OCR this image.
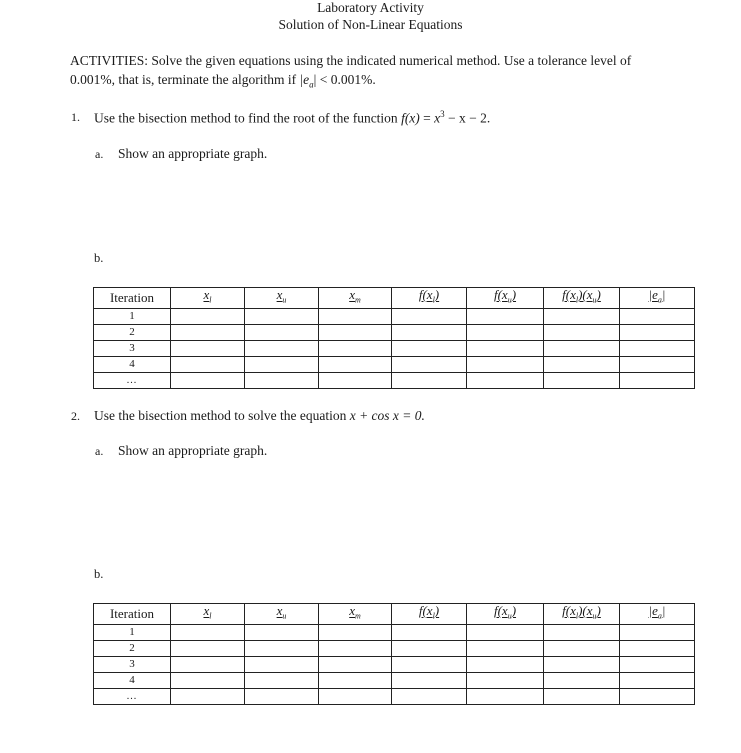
Laboratory Activity
Solution of Non-Linear Equations
ACTIVITIES: Solve the given equations using the indicated numerical method. Use a tolerance level of
0.001%, that is, terminate the algorithm if $|e_a| < 0.001\%$.
1. Use the bisection method to find the root of the function $f(x) = x^3 - x - 2$.
a. Show an appropriate graph.
b.
Iteration	$x_l$	$x_u$	$x_m$	$f(x_l)$	$f(x_u)$	$f(x_l)(x_u)$	$|e_a|$
1							
2							
3							
4							
...							
2. Use the bisection method to solve the equation x + cos x = 0.
a. Show an appropriate graph.
b.
Iteration	$x_l$	$x_u$	$x_m$	$f(x_l)$	$f(x_u)$	$f(x_l)(x_u)$	$|e_a|$
1							
2							
3							
4							
...							
